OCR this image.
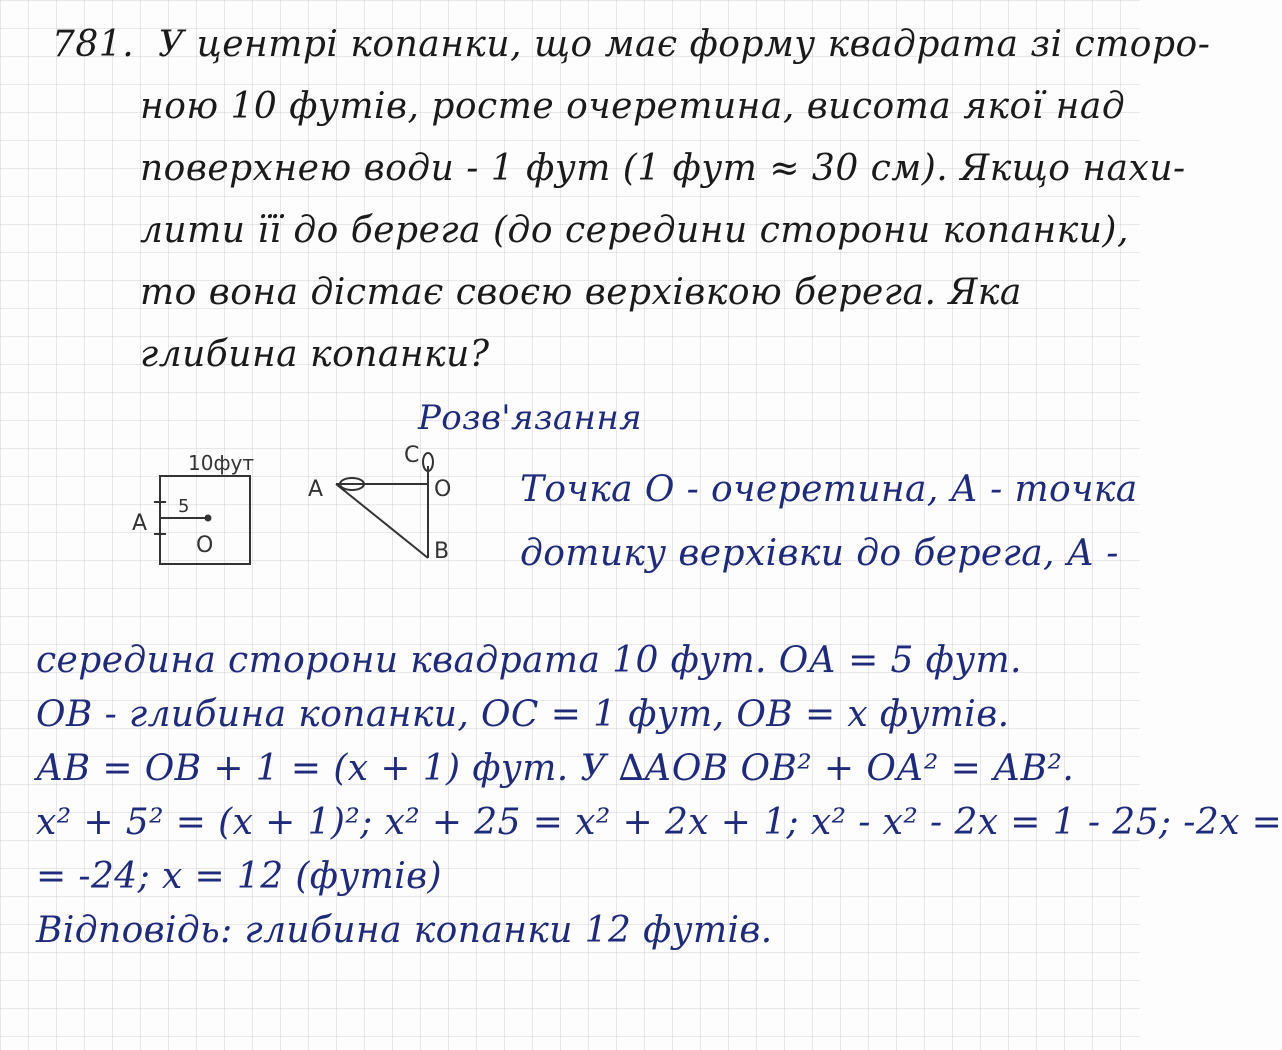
781. У центрі копанки, що має форму квадрата зі сторо-
ною 10 футів, росте очеретина, висота якої над
поверхнею води - 1 фут (1 фут ≈ 30 см). Якщо нахи-
лити її до берега (до середини сторони копанки),
то вона дістає своєю верхівкою берега. Яка
глибина копанки?
Розв'язання
10фут
А
5
О
А
С
О
В
Точка О - очеретина, А - точка
дотику верхівки до берега, А -
середина сторони квадрата 10 фут. ОА = 5 фут.
ОВ - глибина копанки, ОС = 1 фут, ОВ = х футів.
АВ = ОВ + 1 = (х + 1) фут. У ∆АОВ ОВ² + ОА² = АВ².
х² + 5² = (х + 1)²; х² + 25 = х² + 2х + 1; х² - х² - 2х = 1 - 25; -2х =
= -24; х = 12 (футів)
Відповідь: глибина копанки 12 футів.
